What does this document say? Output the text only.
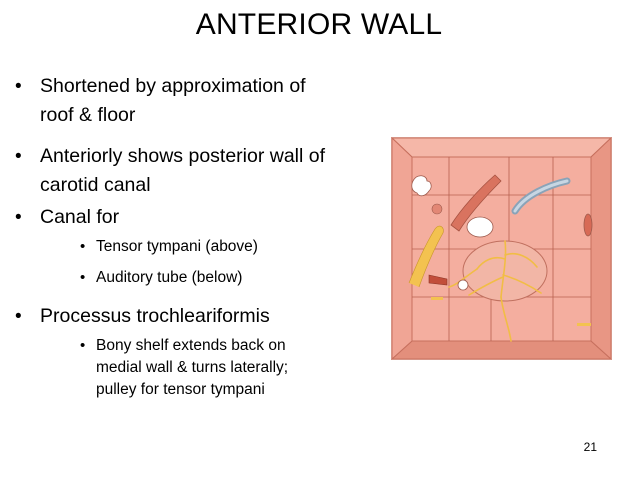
ANTERIOR WALL
• Shortened by approximation of
roof & floor
• Anteriorly shows posterior wall of
carotid canal
• Canal for
• Tensor tympani (above)
• Auditory tube (below)
• Processus trochleariformis
• Bony shelf extends back on
medial wall & turns laterally;
pulley for tensor tympani
21
